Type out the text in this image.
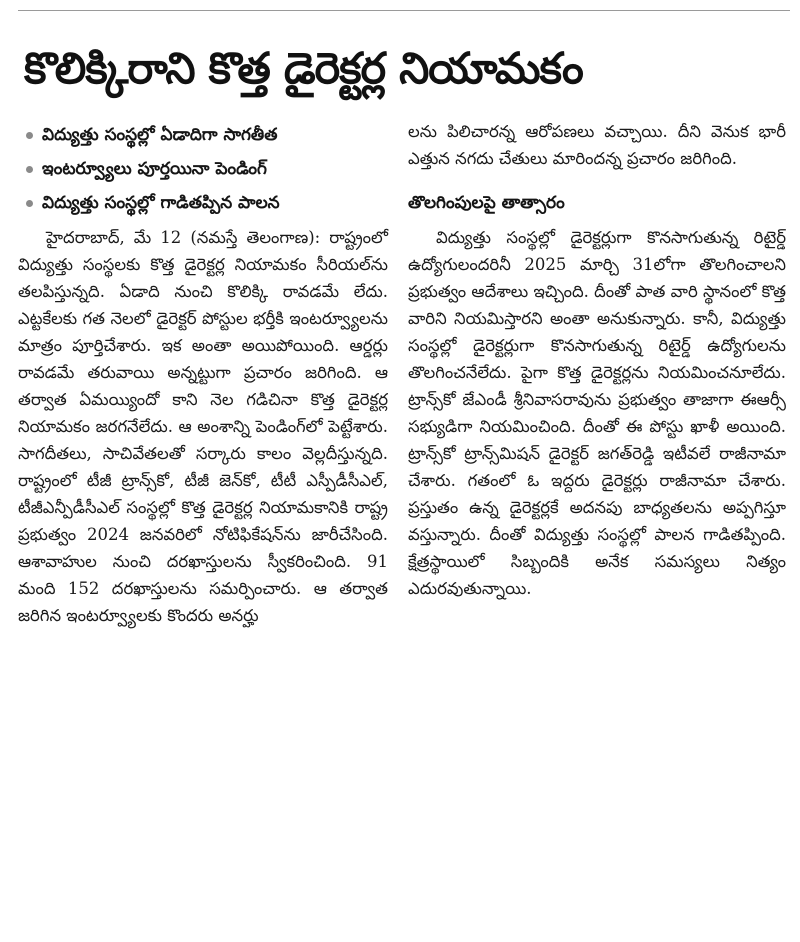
కొలిక్కిరాని కొత్త డైరెక్టర్ల నియామకం
విద్యుత్తు సంస్థల్లో ఏడాదిగా సాగతీత
ఇంటర్వ్యూలు పూర్తయినా పెండింగ్
విద్యుత్తు సంస్థల్లో గాడితప్పిన పాలన

హైదరాబాద్, మే 12 (నమస్తే తెలంగాణ): రాష్ట్రంలో విద్యుత్తు సంస్థలకు కొత్త డైరెక్టర్ల నియామకం సీరియల్‌ను తలపిస్తున్నది. ఏడాది నుంచి కొలిక్కి రావడమే లేదు. ఎట్టకేలకు గత నెలలో డైరెక్టర్ పోస్టుల భర్తీకి ఇంటర్వ్యూలను మాత్రం పూర్తిచేశారు. ఇక అంతా అయిపోయింది. ఆర్డర్లు రావడమే తరువాయి అన్నట్టుగా ప్రచారం జరిగింది. ఆ తర్వాత ఏమయ్యిందో కాని నెల గడిచినా కొత్త డైరెక్టర్ల నియామకం జరగనేలేదు. ఆ అంశాన్ని పెండింగ్‌లో పెట్టేశారు. సాగదీతలు, సాచివేతలతో సర్కారు కాలం వెల్లదీస్తున్నది. రాష్ట్రంలో టీజీ ట్రాన్స్‌కో, టీజీ జెన్‌కో, టీటీ ఎస్పీడీసీఎల్, టీజీఎన్పీడీసీఎల్ సంస్థల్లో కొత్త డైరెక్టర్ల నియామకానికి రాష్ట్ర ప్రభుత్వం 2024 జనవరిలో నోటిఫికేషన్‌ను జారీచేసింది. ఆశావాహుల నుంచి దరఖాస్తులను స్వీకరించింది. 91 మంది 152 దరఖాస్తులను సమర్పించారు. ఆ తర్వాత జరిగిన ఇంటర్వ్యూలకు కొందరు అనర్హు

లను పిలిచారన్న ఆరోపణలు వచ్చాయి. దీని వెనుక భారీ ఎత్తున నగదు చేతులు మారిందన్న ప్రచారం జరిగింది.

తొలగింపులపై తాత్సారం

విద్యుత్తు సంస్థల్లో డైరెక్టర్లుగా కొనసాగుతున్న రిటైర్డ్ ఉద్యోగులందరినీ 2025 మార్చి 31లోగా తొలగించాలని ప్రభుత్వం ఆదేశాలు ఇచ్చింది. దీంతో పాత వారి స్థానంలో కొత్త వారిని నియమిస్తారని అంతా అనుకున్నారు. కానీ, విద్యుత్తు సంస్థల్లో డైరెక్టర్లుగా కొనసాగుతున్న రిటైర్డ్ ఉద్యోగులను తొలగించనేలేదు. పైగా కొత్త డైరెక్టర్లను నియమించనూలేదు. ట్రాన్స్‌కో జేఎండీ శ్రీనివాసరావును ప్రభుత్వం తాజాగా ఈఆర్సీ సభ్యుడిగా నియమించింది. దీంతో ఈ పోస్టు ఖాళీ అయింది. ట్రాన్స్‌కో ట్రాన్స్‌మిషన్ డైరెక్టర్ జగత్‌రెడ్డి ఇటీవలే రాజీనామా చేశారు. గతంలో ఓ ఇద్దరు డైరెక్టర్లు రాజీనామా చేశారు. ప్రస్తుతం ఉన్న డైరెక్టర్లకే అదనపు బాధ్యతలను అప్పగిస్తూ వస్తున్నారు. దీంతో విద్యుత్తు సంస్థల్లో పాలన గాడితప్పింది. క్షేత్రస్థాయిలో సిబ్బందికి అనేక సమస్యలు నిత్యం ఎదురవుతున్నాయి.
